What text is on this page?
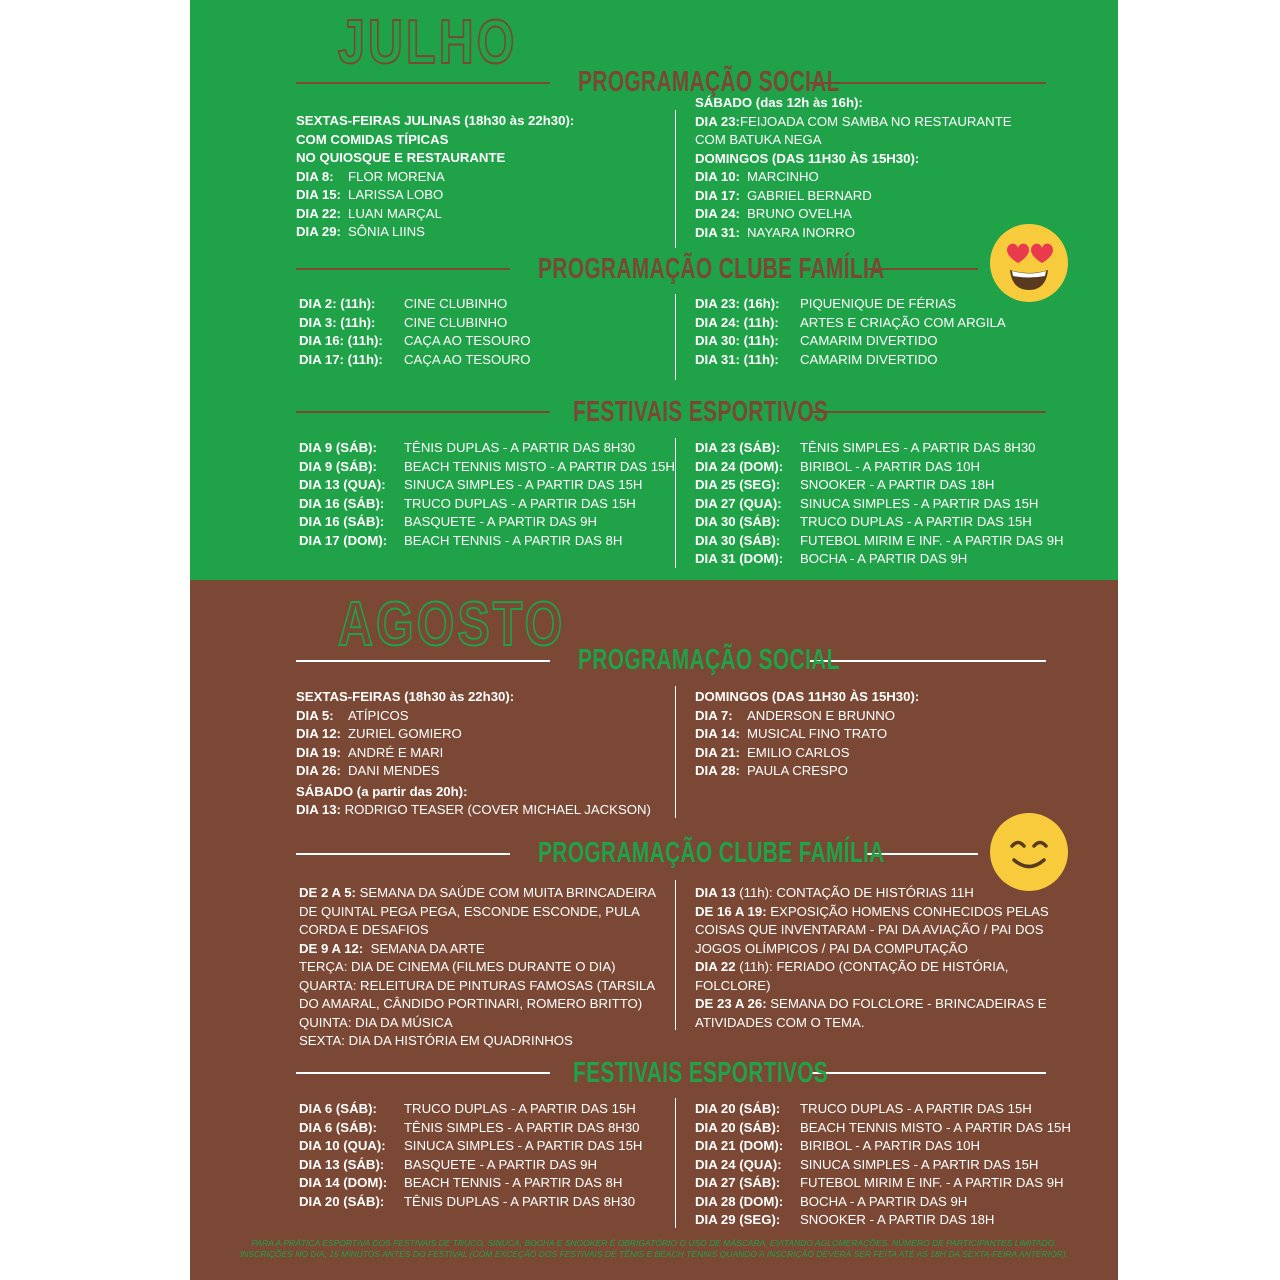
JULHO
PROGRAMAÇÃO SOCIAL
SEXTAS-FEIRAS JULINAS (18h30 às 22h30):
COM COMIDAS TÍPICAS
NO QUIOSQUE E RESTAURANTE
DIA 8: FLOR MORENA
DIA 15: LARISSA LOBO
DIA 22: LUAN MARÇAL
DIA 29: SÔNIA LIINS
SÁBADO (das 12h às 16h):
DIA 23:FEIJOADA COM SAMBA NO RESTAURANTE
COM BATUKA NEGA
DOMINGOS (DAS 11H30 ÀS 15H30):
DIA 10: MARCINHO
DIA 17: GABRIEL BERNARD
DIA 24: BRUNO OVELHA
DIA 31: NAYARA INORRO
PROGRAMAÇÃO CLUBE FAMÍLIA
DIA 2: (11h): CINE CLUBINHO
DIA 3: (11h): CINE CLUBINHO
DIA 16: (11h): CAÇA AO TESOURO
DIA 17: (11h): CAÇA AO TESOURO
DIA 23: (16h): PIQUENIQUE DE FÉRIAS
DIA 24: (11h): ARTES E CRIAÇÃO COM ARGILA
DIA 30: (11h): CAMARIM DIVERTIDO
DIA 31: (11h): CAMARIM DIVERTIDO
FESTIVAIS ESPORTIVOS
DIA 9 (SÁB): TÊNIS DUPLAS - A PARTIR DAS 8H30
DIA 9 (SÁB): BEACH TENNIS MISTO - A PARTIR DAS 15H
DIA 13 (QUA): SINUCA SIMPLES - A PARTIR DAS 15H
DIA 16 (SÁB): TRUCO DUPLAS - A PARTIR DAS 15H
DIA 16 (SÁB): BASQUETE - A PARTIR DAS 9H
DIA 17 (DOM): BEACH TENNIS - A PARTIR DAS 8H
DIA 23 (SÁB): TÊNIS SIMPLES - A PARTIR DAS 8H30
DIA 24 (DOM): BIRIBOL - A PARTIR DAS 10H
DIA 25 (SEG): SNOOKER - A PARTIR DAS 18H
DIA 27 (QUA): SINUCA SIMPLES - A PARTIR DAS 15H
DIA 30 (SÁB): TRUCO DUPLAS - A PARTIR DAS 15H
DIA 30 (SÁB): FUTEBOL MIRIM E INF. - A PARTIR DAS 9H
DIA 31 (DOM): BOCHA - A PARTIR DAS 9H
AGOSTO
PROGRAMAÇÃO SOCIAL
SEXTAS-FEIRAS (18h30 às 22h30):
DIA 5: ATÍPICOS
DIA 12: ZURIEL GOMIERO
DIA 19: ANDRÉ E MARI
DIA 26: DANI MENDES
SÁBADO (a partir das 20h):
DIA 13: RODRIGO TEASER (COVER MICHAEL JACKSON)
DOMINGOS (DAS 11H30 ÀS 15H30):
DIA 7: ANDERSON E BRUNNO
DIA 14: MUSICAL FINO TRATO
DIA 21: EMILIO CARLOS
DIA 28: PAULA CRESPO
PROGRAMAÇÃO CLUBE FAMÍLIA
DE 2 A 5: SEMANA DA SAÚDE COM MUITA BRINCADEIRA
DE QUINTAL PEGA PEGA, ESCONDE ESCONDE, PULA
CORDA E DESAFIOS
DE 9 A 12:  SEMANA DA ARTE
TERÇA: DIA DE CINEMA (FILMES DURANTE O DIA)
QUARTA: RELEITURA DE PINTURAS FAMOSAS (TARSILA
DO AMARAL, CÂNDIDO PORTINARI, ROMERO BRITTO)
QUINTA: DIA DA MÚSICA
SEXTA: DIA DA HISTÓRIA EM QUADRINHOS
DIA 13 (11h): CONTAÇÃO DE HISTÓRIAS 11H
DE 16 A 19: EXPOSIÇÃO HOMENS CONHECIDOS PELAS
COISAS QUE INVENTARAM - PAI DA AVIAÇÃO / PAI DOS
JOGOS OLÍMPICOS / PAI DA COMPUTAÇÃO
DIA 22 (11h): FERIADO (CONTAÇÃO DE HISTÓRIA,
FOLCLORE)
DE 23 A 26: SEMANA DO FOLCLORE - BRINCADEIRAS E
ATIVIDADES COM O TEMA.
FESTIVAIS ESPORTIVOS
DIA 6 (SÁB): TRUCO DUPLAS - A PARTIR DAS 15H
DIA 6 (SÁB): TÊNIS SIMPLES - A PARTIR DAS 8H30
DIA 10 (QUA): SINUCA SIMPLES - A PARTIR DAS 15H
DIA 13 (SÁB): BASQUETE - A PARTIR DAS 9H
DIA 14 (DOM): BEACH TENNIS - A PARTIR DAS 8H
DIA 20 (SÁB): TÊNIS DUPLAS - A PARTIR DAS 8H30
DIA 20 (SÁB): TRUCO DUPLAS - A PARTIR DAS 15H
DIA 20 (SÁB): BEACH TENNIS MISTO - A PARTIR DAS 15H
DIA 21 (DOM): BIRIBOL - A PARTIR DAS 10H
DIA 24 (QUA): SINUCA SIMPLES - A PARTIR DAS 15H
DIA 27 (SÁB): FUTEBOL MIRIM E INF. - A PARTIR DAS 9H
DIA 28 (DOM): BOCHA - A PARTIR DAS 9H
DIA 29 (SEG): SNOOKER - A PARTIR DAS 18H
PARA A PRÁTICA ESPORTIVA DOS FESTIVAIS DE TRUCO, SINUCA, BOCHA E SNOOKER É OBRIGATÓRIO O USO DE MÁSCARA, EVITANDO AGLOMERAÇÕES. NÚMERO DE PARTICIPANTES LIMITADO.
INSCRIÇÕES NO DIA, 15 MINUTOS ANTES DO FESTIVAL (COM EXCEÇÃO DOS FESTIVAIS DE TÊNIS E BEACH TENNIS QUANDO A INSCRIÇÃO DEVERÁ SER FEITA ATÉ AS 18H DA SEXTA-FEIRA ANTERIOR).
